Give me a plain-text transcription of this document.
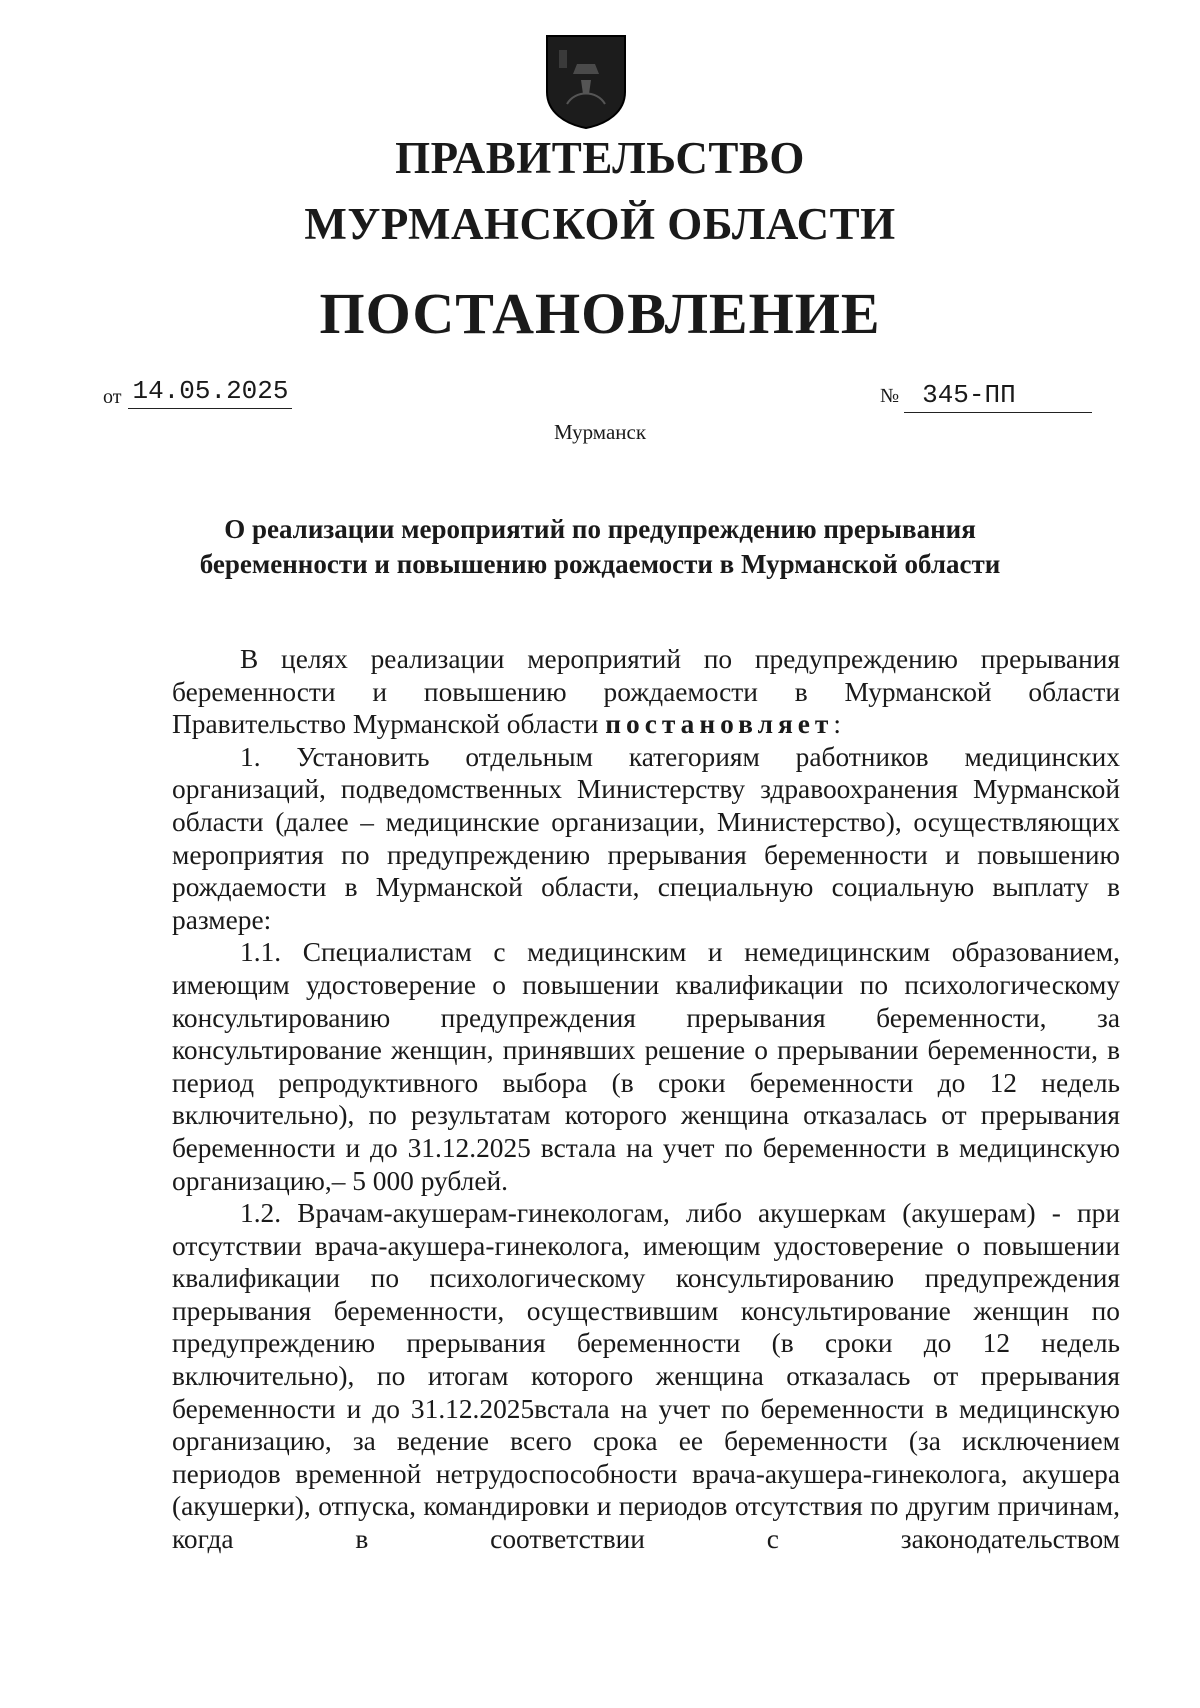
ПРАВИТЕЛЬСТВО
МУРМАНСКОЙ ОБЛАСТИ
ПОСТАНОВЛЕНИЕ
от 14.05.2025	№ 345-ПП
Мурманск
О реализации мероприятий по предупреждению прерывания
беременности и повышению рождаемости в Мурманской области

В целях реализации мероприятий по предупреждению прерывания беременности и повышению рождаемости в Мурманской области Правительство Мурманской области постановляет:

1. Установить отдельным категориям работников медицинских организаций, подведомственных Министерству здравоохранения Мурманской области (далее – медицинские организации, Министерство), осуществляющих мероприятия по предупреждению прерывания беременности и повышению рождаемости в Мурманской области, специальную социальную выплату в размере:

1.1. Специалистам с медицинским и немедицинским образованием, имеющим удостоверение о повышении квалификации по психологическому консультированию предупреждения прерывания беременности, за консультирование женщин, принявших решение о прерывании беременности, в период репродуктивного выбора (в сроки беременности до 12 недель включительно), по результатам которого женщина отказалась от прерывания беременности и до 31.12.2025 встала на учет по беременности в медицинскую организацию,– 5 000 рублей.

1.2. Врачам-акушерам-гинекологам, либо акушеркам (акушерам) - при отсутствии врача-акушера-гинеколога, имеющим удостоверение о повышении квалификации по психологическому консультированию предупреждения прерывания беременности, осуществившим консультирование женщин по предупреждению прерывания беременности (в сроки до 12 недель включительно), по итогам которого женщина отказалась от прерывания беременности и до 31.12.2025встала на учет по беременности в медицинскую организацию, за ведение всего срока ее беременности (за исключением периодов временной нетрудоспособности врача-акушера-гинеколога, акушера (акушерки), отпуска, командировки и периодов отсутствия по другим причинам, когда в соответствии с законодательством
